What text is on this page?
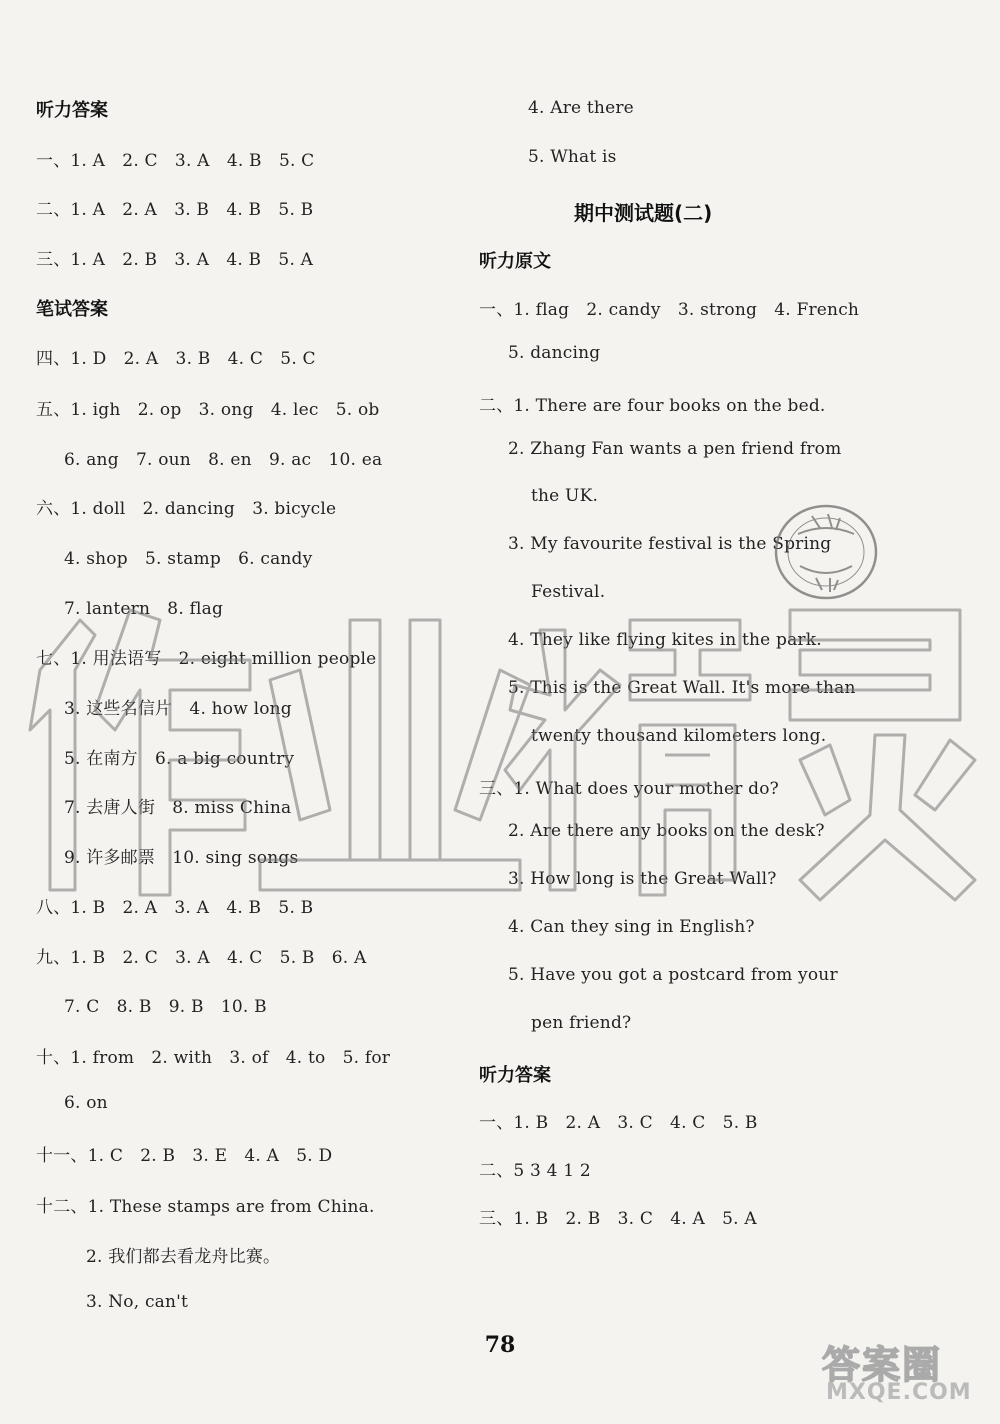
听力答案
一、1. A　2. C　3. A　4. B　5. C
二、1. A　2. A　3. B　4. B　5. B
三、1. A　2. B　3. A　4. B　5. A
笔试答案
四、1. D　2. A　3. B　4. C　5. C
五、1. igh　2. op　3. ong　4. lec　5. ob
6. ang　7. oun　8. en　9. ac　10. ea
六、1. doll　2. dancing　3. bicycle
4. shop　5. stamp　6. candy
7. lantern　8. flag
七、1. 用法语写　2. eight million people
3. 这些名信片　4. how long
5. 在南方　6. a big country
7. 去唐人街　8. miss China
9. 许多邮票　10. sing songs
八、1. B　2. A　3. A　4. B　5. B
九、1. B　2. C　3. A　4. C　5. B　6. A
7. C　8. B　9. B　10. B
十、1. from　2. with　3. of　4. to　5. for
6. on
十一、1. C　2. B　3. E　4. A　5. D
十二、1. These stamps are from China.
2. 我们都去看龙舟比赛。
3. No, can't
4. Are there
5. What is
期中测试题(二)
听力原文
一、1. flag　2. candy　3. strong　4. French
5. dancing
二、1. There are four books on the bed.
2. Zhang Fan wants a pen friend from
the UK.
3. My favourite festival is the Spring
Festival.
4. They like flying kites in the park.
5. This is the Great Wall. It's more than
twenty thousand kilometers long.
三、1. What does your mother do?
2. Are there any books on the desk?
3. How long is the Great Wall?
4. Can they sing in English?
5. Have you got a postcard from your
pen friend?
听力答案
一、1. B　2. A　3. C　4. C　5. B
二、5 3 4 1 2
三、1. B　2. B　3. C　4. A　5. A
78	答案圈
MXQE.COM
